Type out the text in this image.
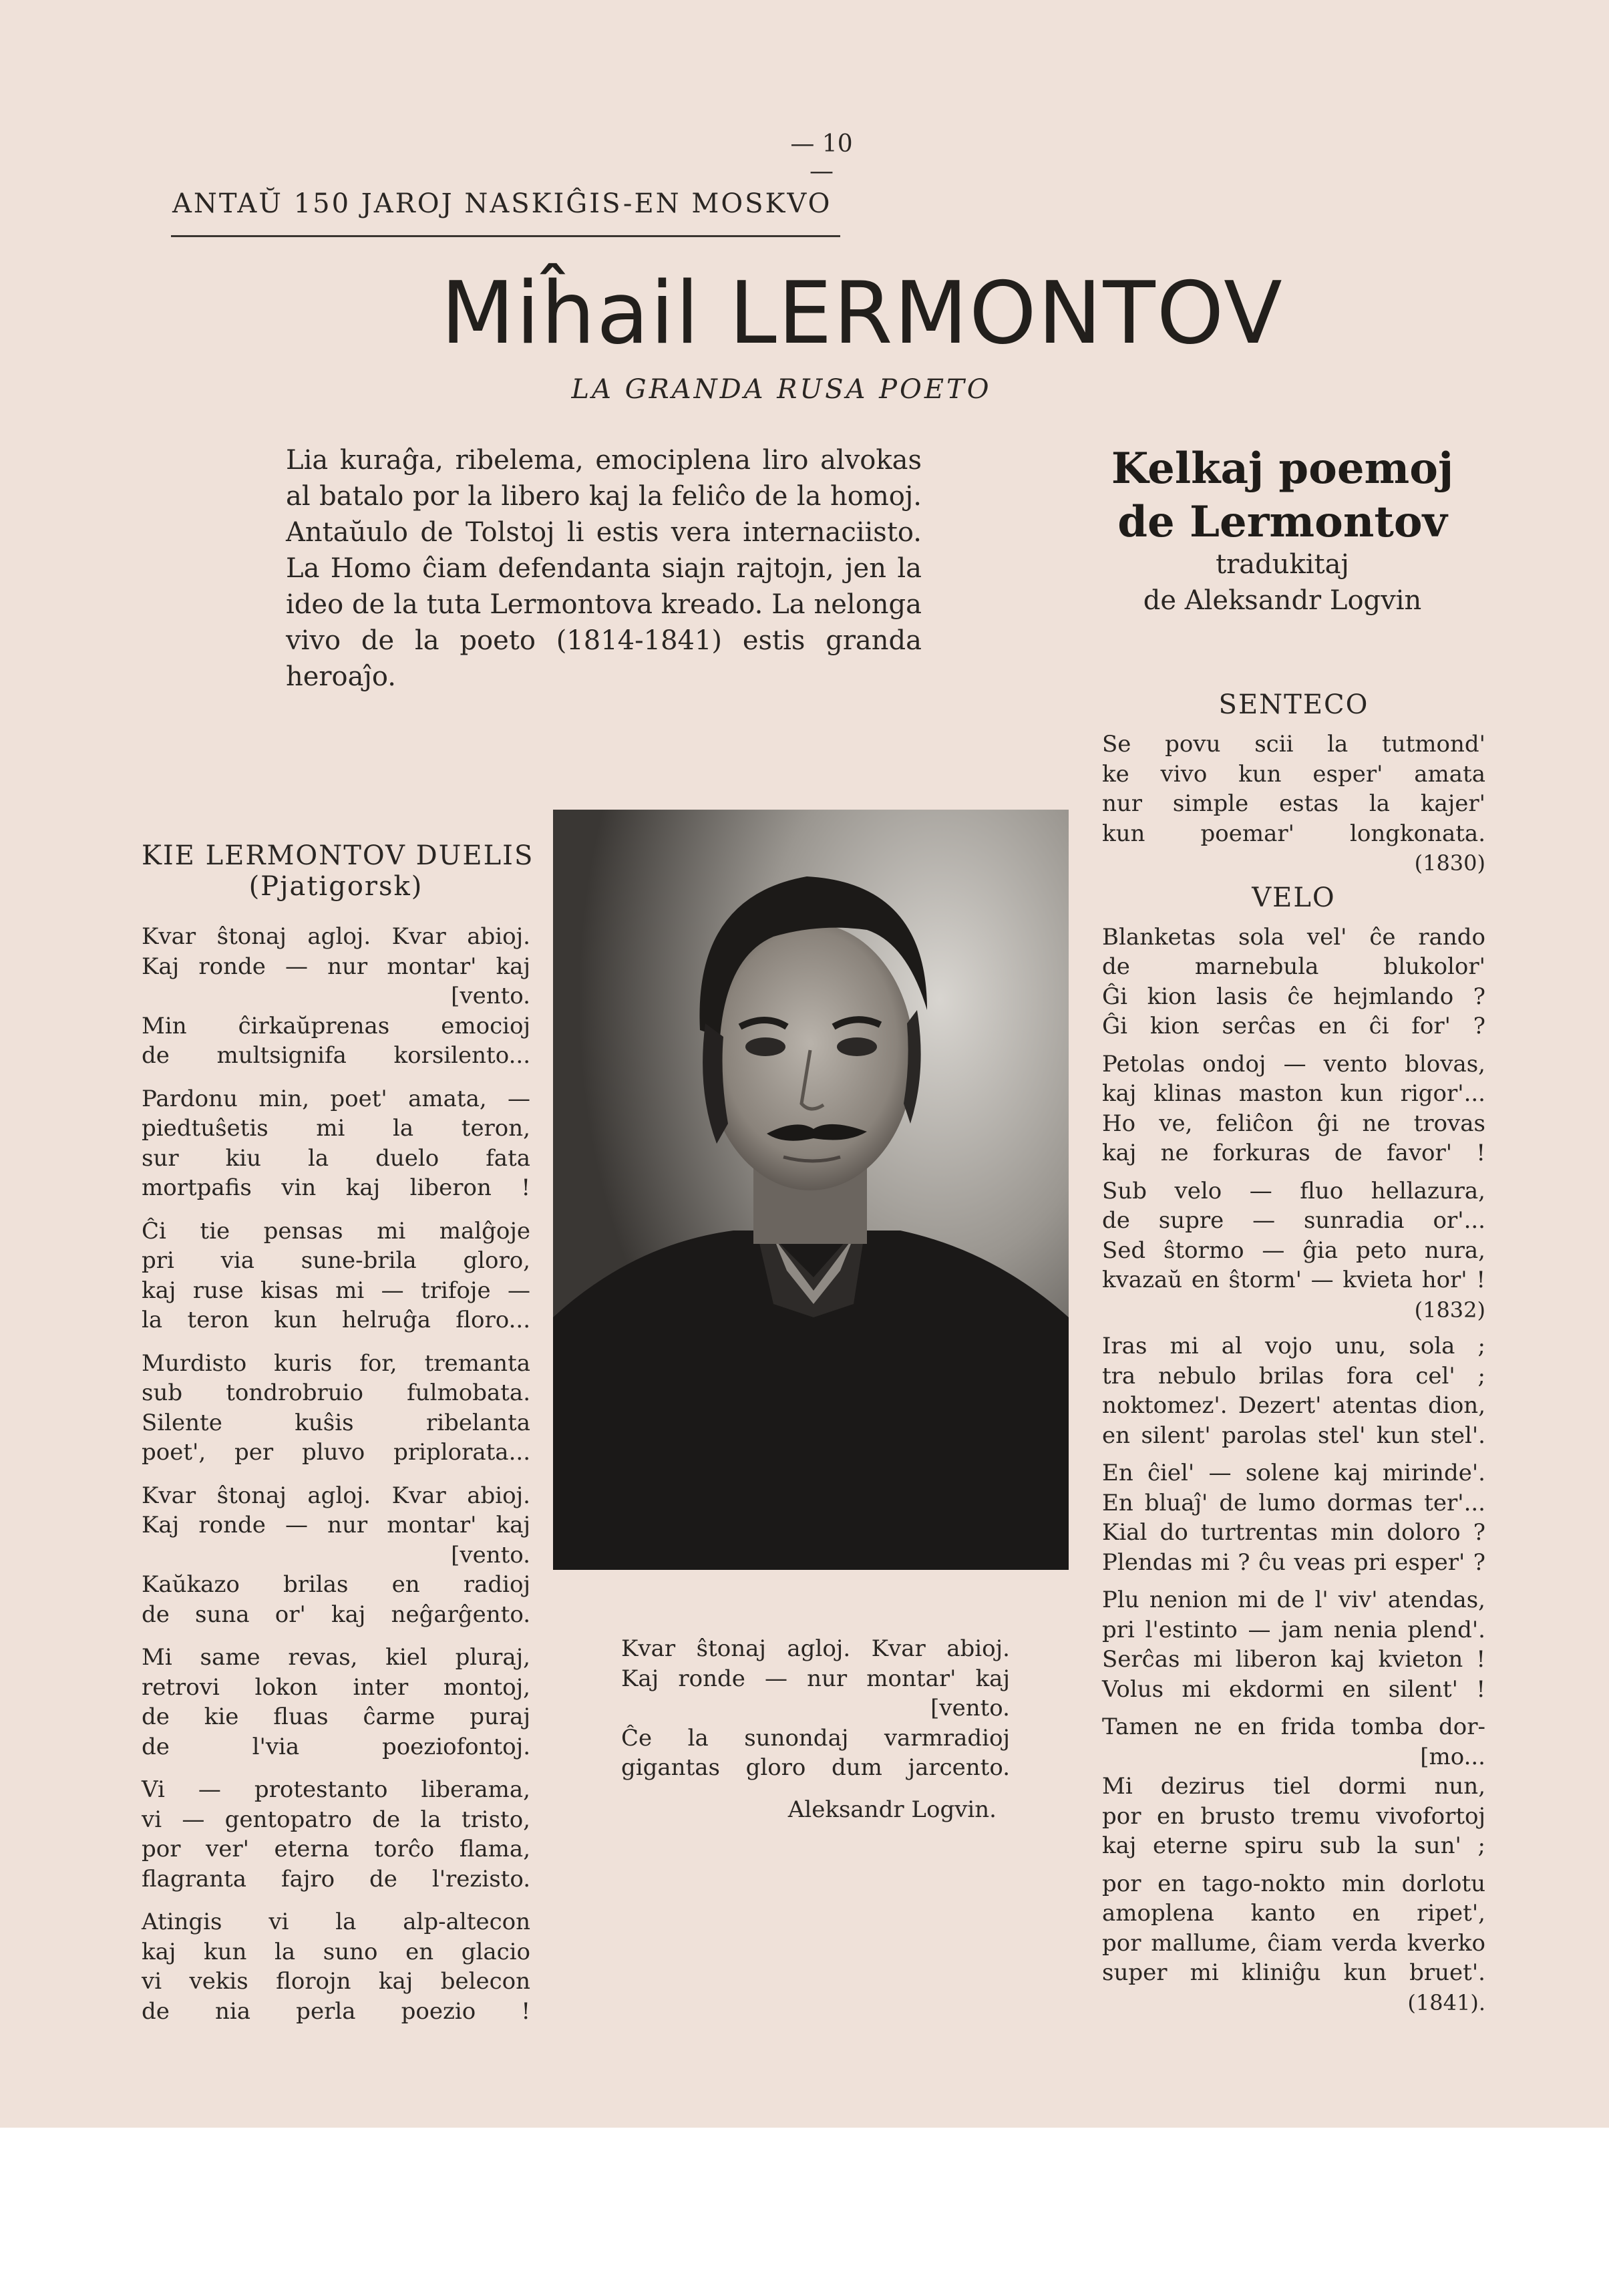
— 10 —
ANTAŬ 150 JAROJ NASKIĜIS-EN MOSKVO
Miĥail LERMONTOV
LA GRANDA RUSA POETO

Lia kuraĝa, ribelema, emociplena liro alvokas al batalo por la libero kaj la feliĉo de la homoj. Antaŭulo de Tolstoj li estis vera internaciisto. La Homo ĉiam defendanta siajn rajtojn, jen la ideo de la tuta Lermontova kreado. La nelonga vivo de la poeto (1814-1841) estis granda heroaĵo.

Kelkaj poemoj
de Lermontov
tradukitaj
de Aleksandr Logvin
KIE LERMONTOV DUELIS
(Pjatigorsk)
Kvar ŝtonaj agloj. Kvar abioj.
Kaj ronde — nur montar' kaj
[vento.
Min ĉirkaŭprenas emocioj
de multsignifa korsilento...
Pardonu min, poet' amata, —
piedtuŝetis mi la teron,
sur kiu la duelo fata
mortpafis vin kaj liberon !
Ĉi tie pensas mi malĝoje
pri via sune-brila gloro,
kaj ruse kisas mi — trifoje —
la teron kun helruĝa floro...
Murdisto kuris for, tremanta
sub tondrobruio fulmobata.
Silente kuŝis ribelanta
poet', per pluvo priplorata...
Kvar ŝtonaj agloj. Kvar abioj.
Kaj ronde — nur montar' kaj
[vento.
Kaŭkazo brilas en radioj
de suna or' kaj neĝarĝento.
Mi same revas, kiel pluraj,
retrovi lokon inter montoj,
de kie fluas ĉarme puraj
de l'via poeziofontoj.
Vi — protestanto liberama,
vi — gentopatro de la tristo,
por ver' eterna torĉo flama,
flagranta fajro de l'rezisto.
Atingis vi la alp-altecon
kaj kun la suno en glacio
vi vekis florojn kaj belecon
de nia perla poezio !
Kvar ŝtonaj agloj. Kvar abioj.
Kaj ronde — nur montar' kaj
[vento.
Ĉe la sunondaj varmradioj
gigantas gloro dum jarcento.
Aleksandr Logvin.
SENTECO
Se povu scii la tutmond'
ke vivo kun esper' amata
nur simple estas la kajer'
kun poemar' longkonata.
(1830)
VELO
Blanketas sola vel' ĉe rando
de marnebula blukolor'
Ĝi kion lasis ĉe hejmlando ?
Ĝi kion serĉas en ĉi for' ?
Petolas ondoj — vento blovas,
kaj klinas maston kun rigor'...
Ho ve, feliĉon ĝi ne trovas
kaj ne forkuras de favor' !
Sub velo — fluo hellazura,
de supre — sunradia or'...
Sed ŝtormo — ĝia peto nura,
kvazaŭ en ŝtorm' — kvieta hor' !
(1832)
Iras mi al vojo unu, sola ;
tra nebulo brilas fora cel' ;
noktomez'. Dezert' atentas dion,
en silent' parolas stel' kun stel'.
En ĉiel' — solene kaj mirinde'.
En bluaĵ' de lumo dormas ter'...
Kial do turtrentas min doloro ?
Plendas mi ? ĉu veas pri esper' ?
Plu nenion mi de l' viv' atendas,
pri l'estinto — jam nenia plend'.
Serĉas mi liberon kaj kvieton !
Volus mi ekdormi en silent' !
Tamen ne en frida tomba dor-
[mo...
Mi dezirus tiel dormi nun,
por en brusto tremu vivofortoj
kaj eterne spiru sub la sun' ;
por en tago-nokto min dorlotu
amoplena kanto en ripet',
por mallume, ĉiam verda kverko
super mi kliniĝu kun bruet'.
(1841).
